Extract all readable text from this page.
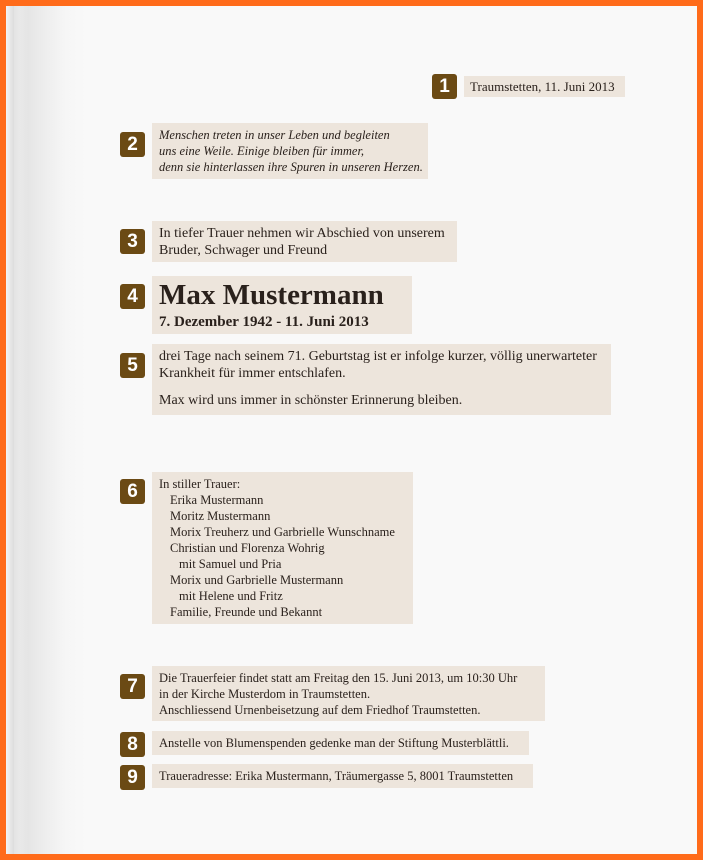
1	Traumstetten, 11. Juni 2013
2	Menschen treten in unser Leben und begleiten
uns eine Weile. Einige bleiben für immer,
denn sie hinterlassen ihre Spuren in unseren Herzen.
3	In tiefer Trauer nehmen wir Abschied von unserem
Bruder, Schwager und Freund
4 Max Mustermann
7. Dezember 1942 - 11. Juni 2013
5	drei Tage nach seinem 71. Geburtstag ist er infolge kurzer, völlig unerwarteter
Krankheit für immer entschlafen.
Max wird uns immer in schönster Erinnerung bleiben.
6	In stiller Trauer:
Erika Mustermann
Moritz Mustermann
Morix Treuherz und Garbrielle Wunschname
Christian und Florenza Wohrig
mit Samuel und Pria
Morix und Garbrielle Mustermann
mit Helene und Fritz
Familie, Freunde und Bekannt
7	Die Trauerfeier findet statt am Freitag den 15. Juni 2013, um 10:30 Uhr
in der Kirche Musterdom in Traumstetten.
Anschliessend Urnenbeisetzung auf dem Friedhof Traumstetten.
8	Anstelle von Blumenspenden gedenke man der Stiftung Musterblättli.
9	Traueradresse: Erika Mustermann, Träumergasse 5, 8001 Traumstetten
